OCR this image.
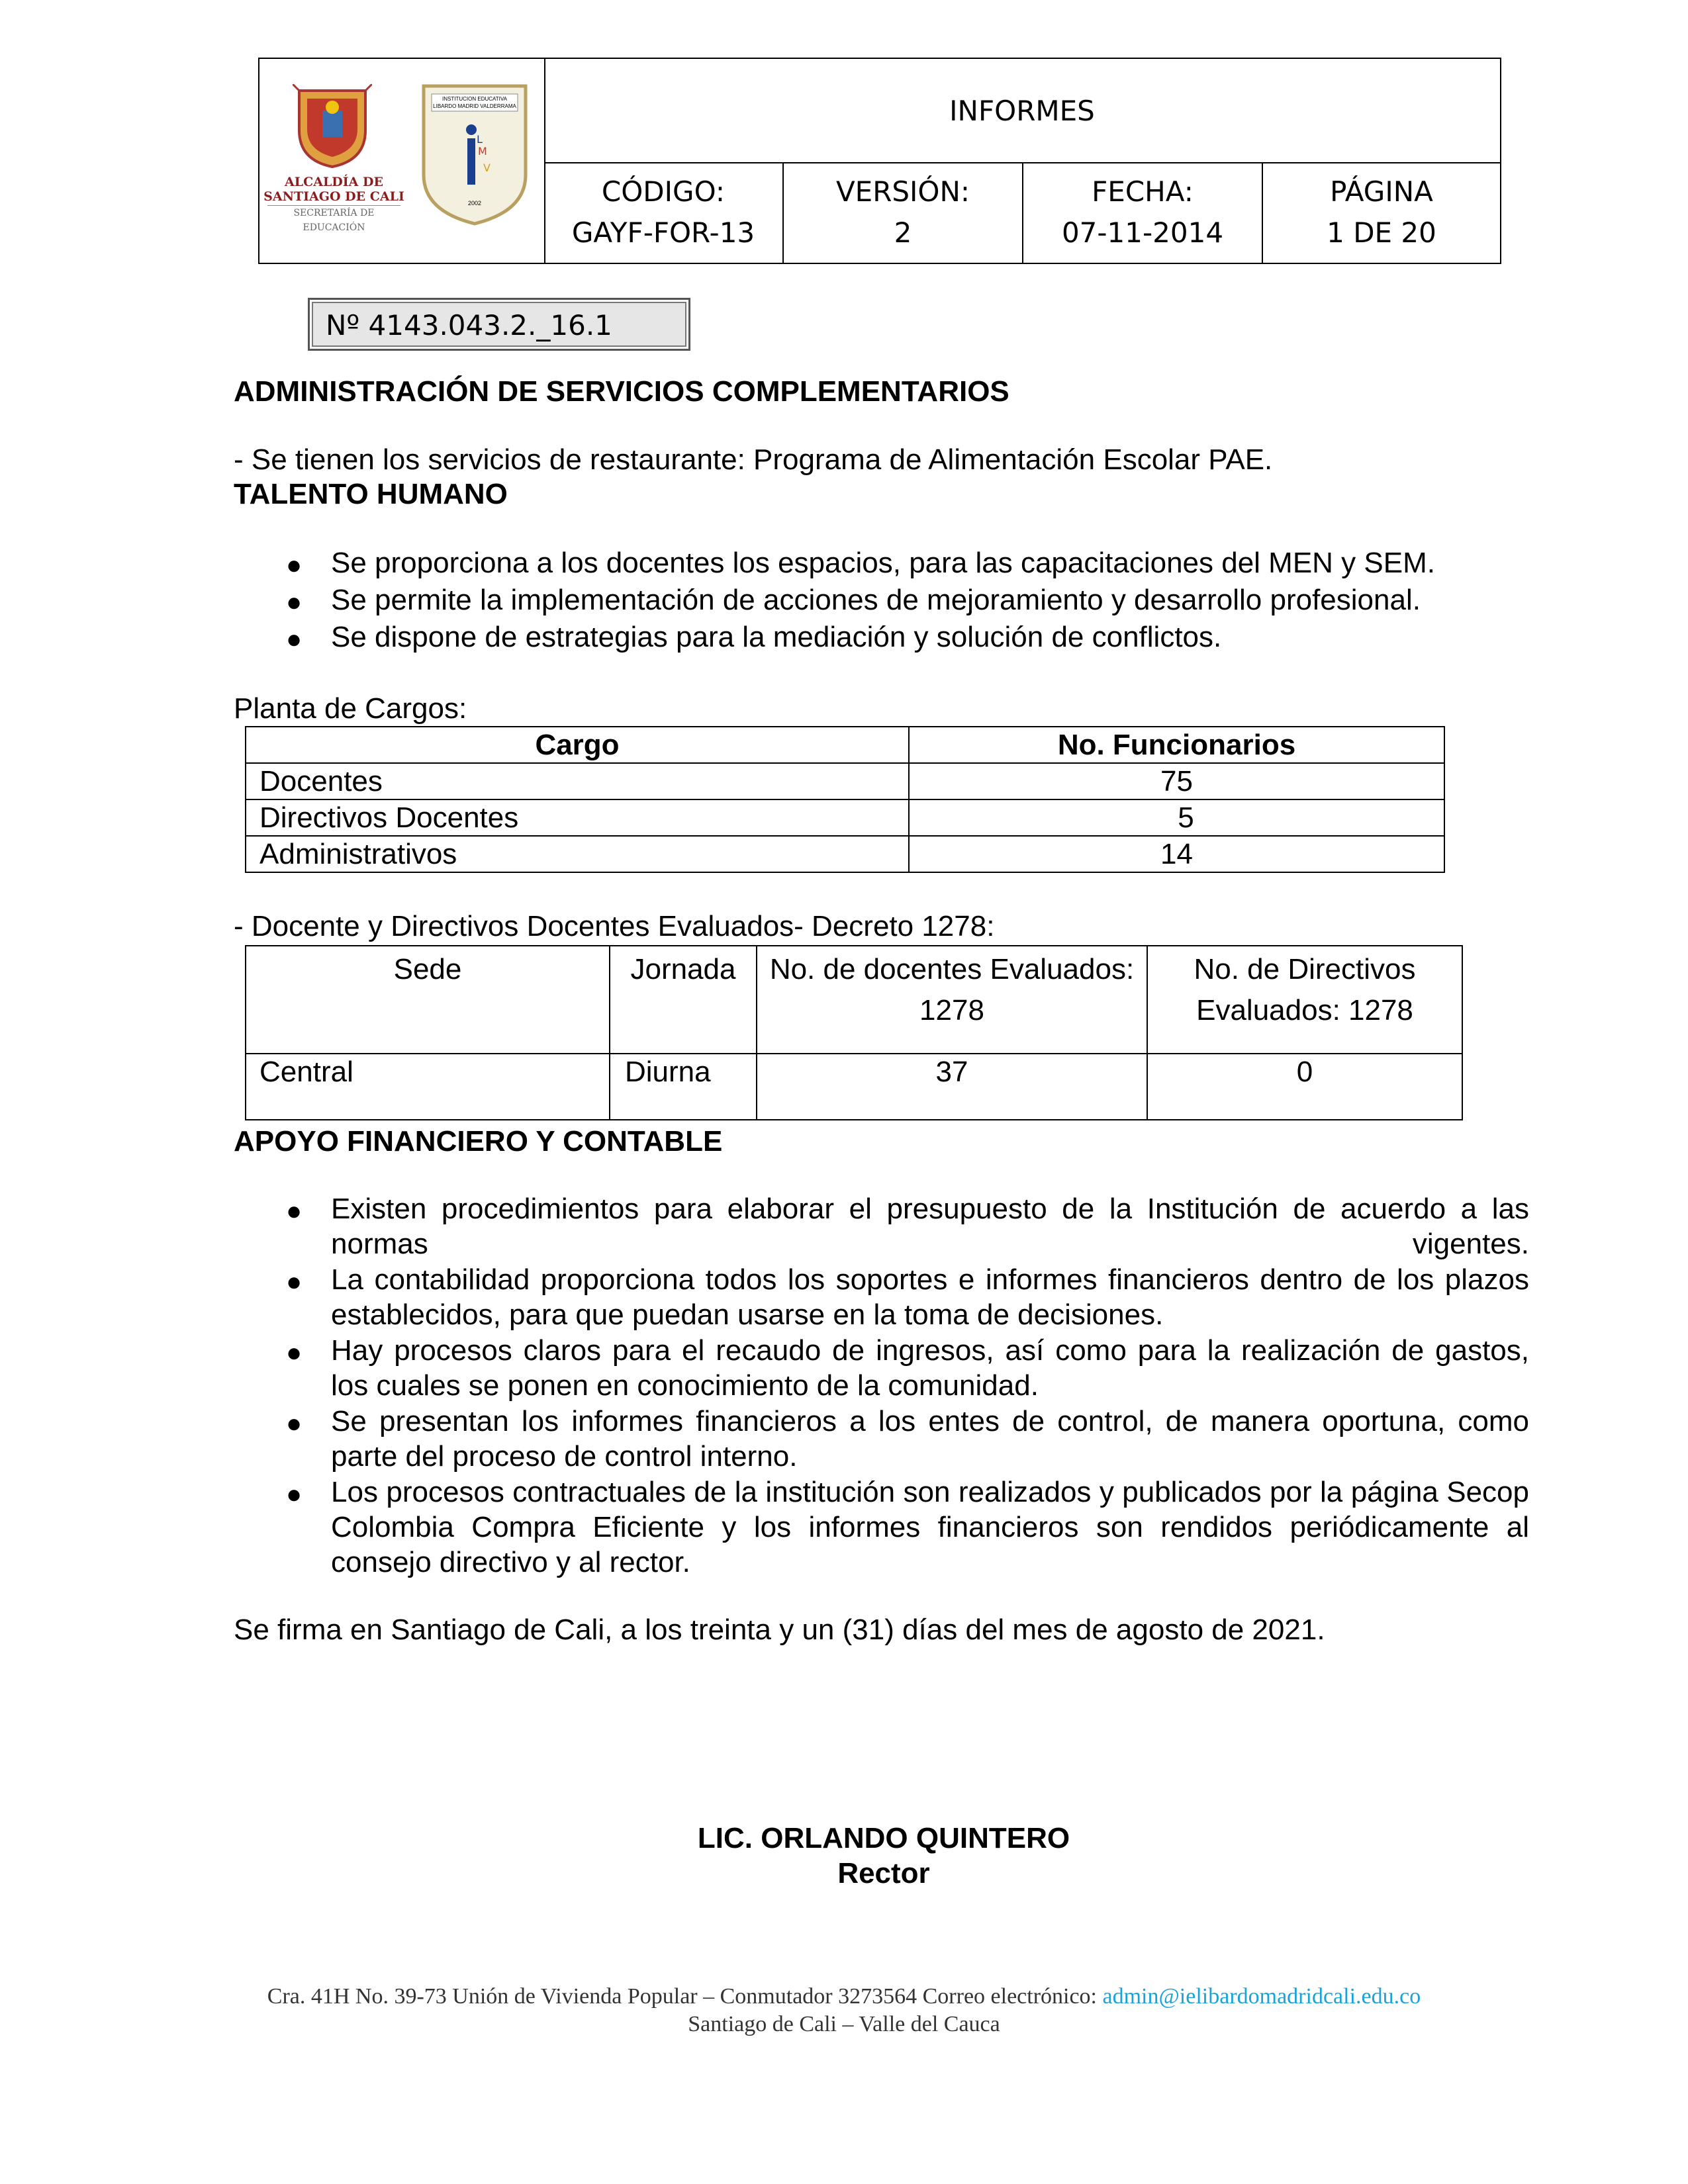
ALCALDÍA DE
SANTIAGO DE CALI
SECRETARÍA DE EDUCACIÓN
M
V
L
INSTITUCION EDUCATIVA
LIBARDO MADRID VALDERRAMA
2002
INFORMES
CÓDIGO:
GAYF-FOR-13
VERSIÓN:
2
FECHA:
07-11-2014
PÁGINA
1 DE 20
Nº 4143.043.2._16.1
ADMINISTRACIÓN DE SERVICIOS COMPLEMENTARIOS
- Se tienen los servicios de restaurante: Programa de Alimentación Escolar PAE.
TALENTO HUMANO
● Se proporciona a los docentes los espacios, para las capacitaciones del MEN y SEM.
● Se permite la implementación de acciones de mejoramiento y desarrollo profesional.
● Se dispone de estrategias para la mediación y solución de conflictos.
Planta de Cargos:
Cargo	No. Funcionarios
Docentes	75
Directivos Docentes	5
Administrativos	14
- Docente y Directivos Docentes Evaluados- Decreto 1278:
Sede	Jornada	No. de docentes Evaluados: 1278	No. de Directivos Evaluados: 1278
Central	Diurna	37	0
APOYO FINANCIERO Y CONTABLE
● Existen procedimientos para elaborar el presupuesto de la Institución de acuerdo a las normas vigentes.
● La contabilidad proporciona todos los soportes e informes financieros dentro de los plazos establecidos, para que puedan usarse en la toma de decisiones.
● Hay procesos claros para el recaudo de ingresos, así como para la realización de gastos, los cuales se ponen en conocimiento de la comunidad.
● Se presentan los informes financieros a los entes de control, de manera oportuna, como parte del proceso de control interno.
● Los procesos contractuales de la institución son realizados y publicados por la página Secop Colombia Compra Eficiente y los informes financieros son rendidos periódicamente al consejo directivo y al rector.
Se firma en Santiago de Cali, a los treinta y un (31) días del mes de agosto de 2021.
LIC. ORLANDO QUINTERO
Rector
Cra. 41H No. 39-73 Unión de Vivienda Popular – Conmutador 3273564 Correo electrónico: admin@ielibardomadridcali.edu.co
Santiago de Cali – Valle del Cauca
